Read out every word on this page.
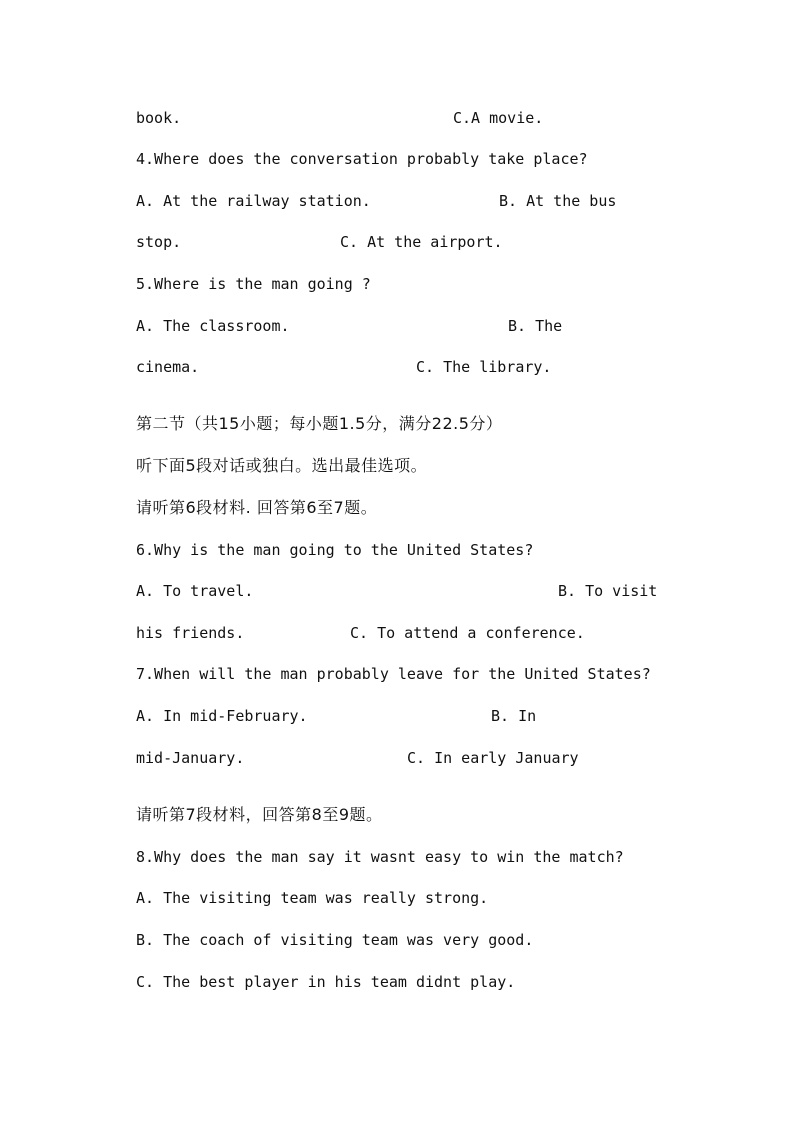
book.

	C.A movie.

4.Where does the conversation probably take place?

A. At the railway station.

	B. At the bus

stop.

	C. At the airport.

5.Where is the man going ?

A. The classroom.

	B. The

cinema.

	C. The library.

第二节（共15小题；每小题1.5分，满分22.5分）
听下面5段对话或独白。选出最佳选项。
请听第6段材料. 回答第6至7题。
6.Why is the man going to the United States?

A. To travel.

	B. To visit

his friends.

	C. To attend a conference.

7.When will the man probably leave for the United States?

A. In mid-February.

	B. In

mid-January.

	C. In early January

请听第7段材料，回答第8至9题。
8.Why does the man say it wasnt easy to win the match?
A. The visiting team was really strong.
B. The coach of visiting team was very good.
C. The best player in his team didnt play.
